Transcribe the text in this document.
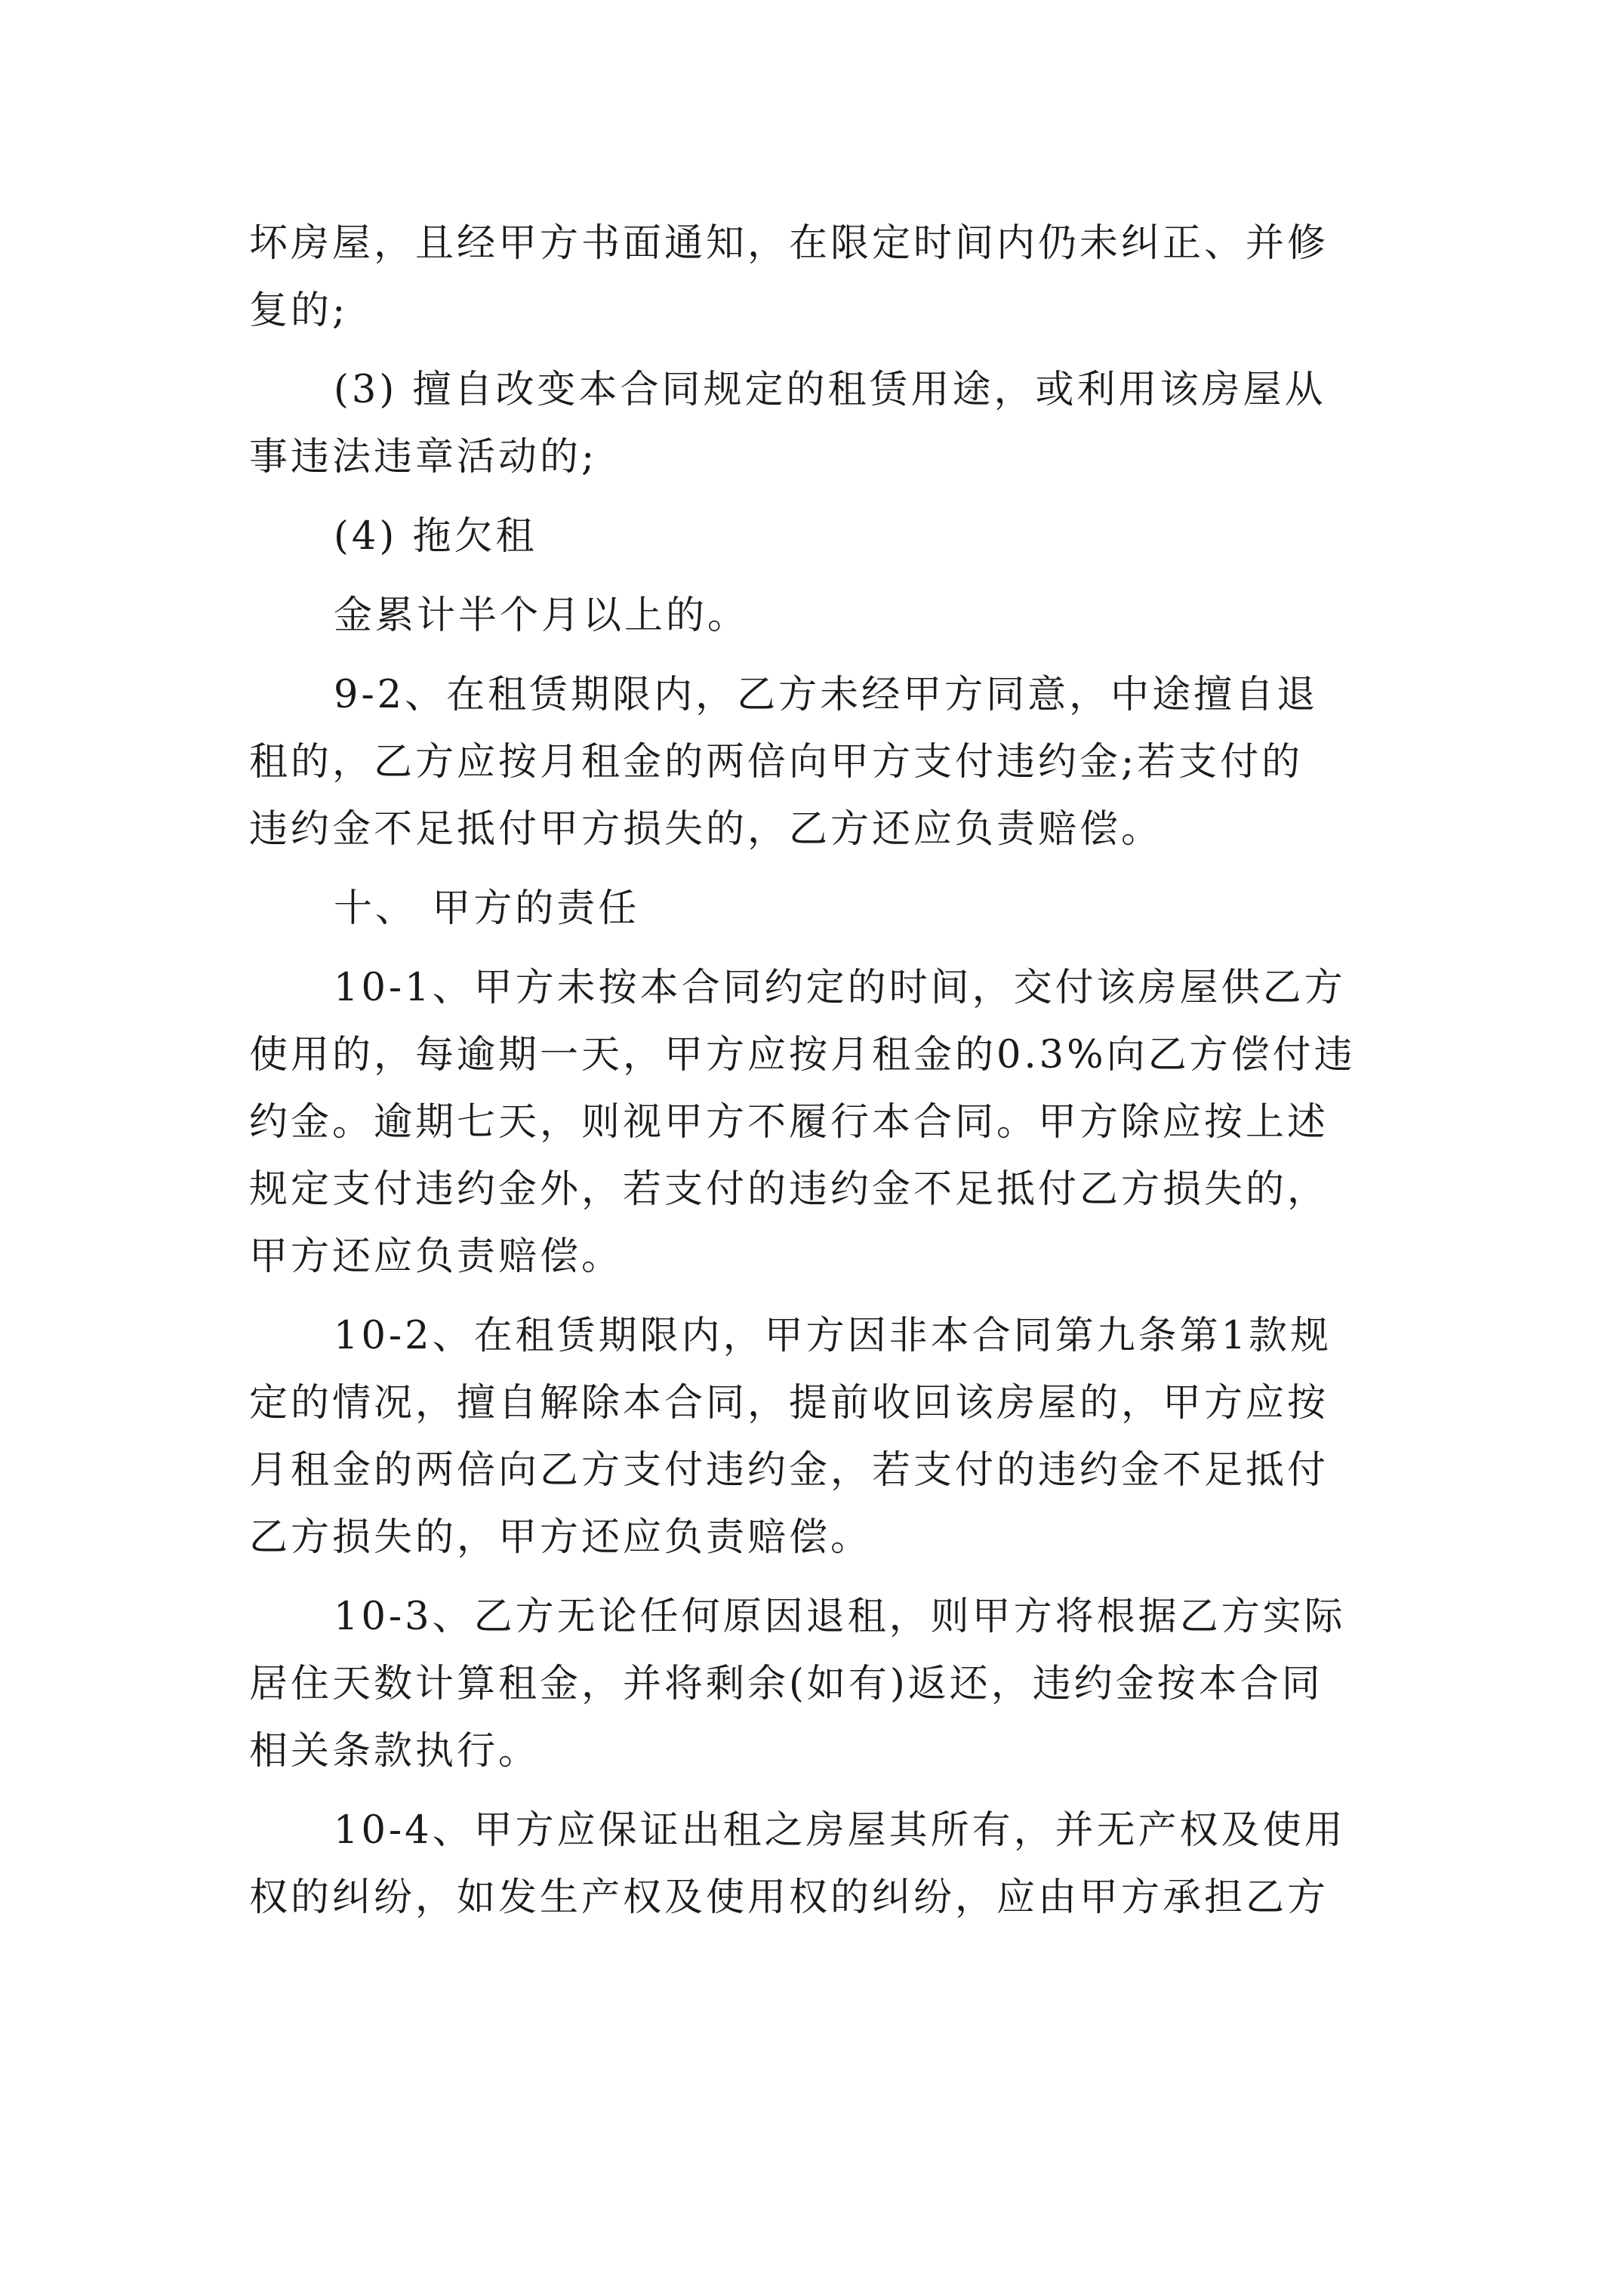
坏房屋，且经甲方书面通知，在限定时间内仍未纠正、并修
复的;

(3) 擅自改变本合同规定的租赁用途，或利用该房屋从
事违法违章活动的;

(4) 拖欠租

金累计半个月以上的。

9-2、在租赁期限内，乙方未经甲方同意，中途擅自退
租的，乙方应按月租金的两倍向甲方支付违约金;若支付的
违约金不足抵付甲方损失的，乙方还应负责赔偿。

十、 甲方的责任

10-1、甲方未按本合同约定的时间，交付该房屋供乙方
使用的，每逾期一天，甲方应按月租金的0.3%向乙方偿付违
约金。逾期七天，则视甲方不履行本合同。甲方除应按上述
规定支付违约金外，若支付的违约金不足抵付乙方损失的，
甲方还应负责赔偿。

10-2、在租赁期限内，甲方因非本合同第九条第1款规
定的情况，擅自解除本合同，提前收回该房屋的，甲方应按
月租金的两倍向乙方支付违约金，若支付的违约金不足抵付
乙方损失的，甲方还应负责赔偿。

10-3、乙方无论任何原因退租，则甲方将根据乙方实际
居住天数计算租金，并将剩余(如有)返还，违约金按本合同
相关条款执行。

10-4、甲方应保证出租之房屋其所有，并无产权及使用
权的纠纷，如发生产权及使用权的纠纷，应由甲方承担乙方
